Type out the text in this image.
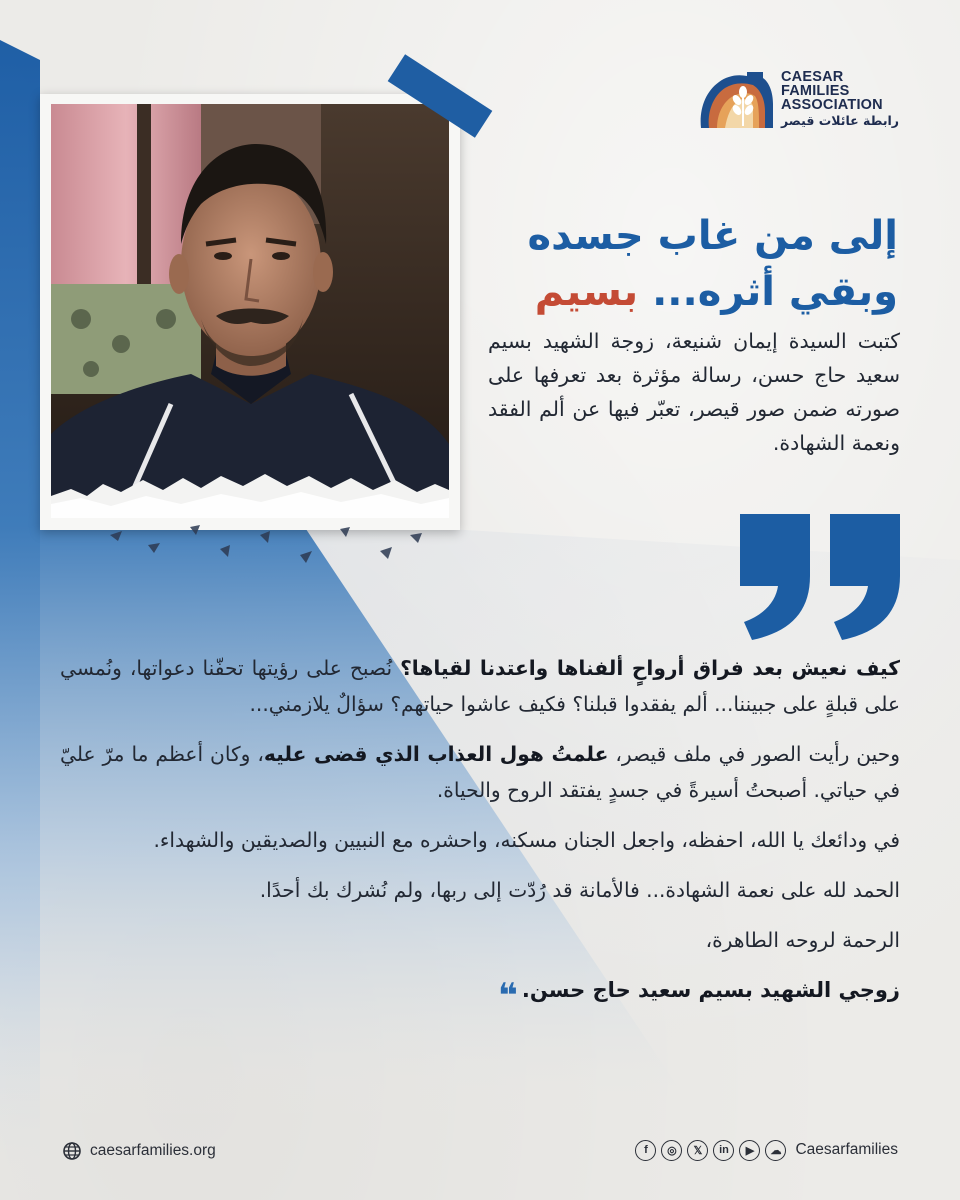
CAESAR
FAMILIES
ASSOCIATION
رابطة عائلات قيصر
إلى من غاب جسده
وبقي أثره... بسيم
كتبت السيدة إيمان شنيعة، زوجة الشهيد بسيم سعيد حاج حسن، رسالة مؤثرة بعد تعرفها على صورته ضمن صور قيصر، تعبّر فيها عن ألم الفقد ونعمة الشهادة.

كيف نعيش بعد فراق أرواحٍ ألفناها واعتدنا لقياها؟ نُصبح على رؤيتها تحفّنا دعواتها، ونُمسي على قبلةٍ على جبيننا... ألم يفقدوا قبلنا؟ فكيف عاشوا حياتهم؟ سؤالٌ يلازمني...

وحين رأيت الصور في ملف قيصر، علمتُ هول العذاب الذي قضى عليه، وكان أعظم ما مرّ عليّ في حياتي. أصبحتُ أسيرةً في جسدٍ يفتقد الروح والحياة.

في ودائعك يا الله، احفظه، واجعل الجنان مسكنه، واحشره مع النبيين والصديقين والشهداء.

الحمد لله على نعمة الشهادة... فالأمانة قد رُدّت إلى ربها، ولم نُشرك بك أحدًا.

الرحمة لروحه الطاهرة،

زوجي الشهيد بسيم سعيد حاج حسن.❝

caesarfamilies.org	f	◎	𝕏	in	▶	☁ Caesarfamilies
